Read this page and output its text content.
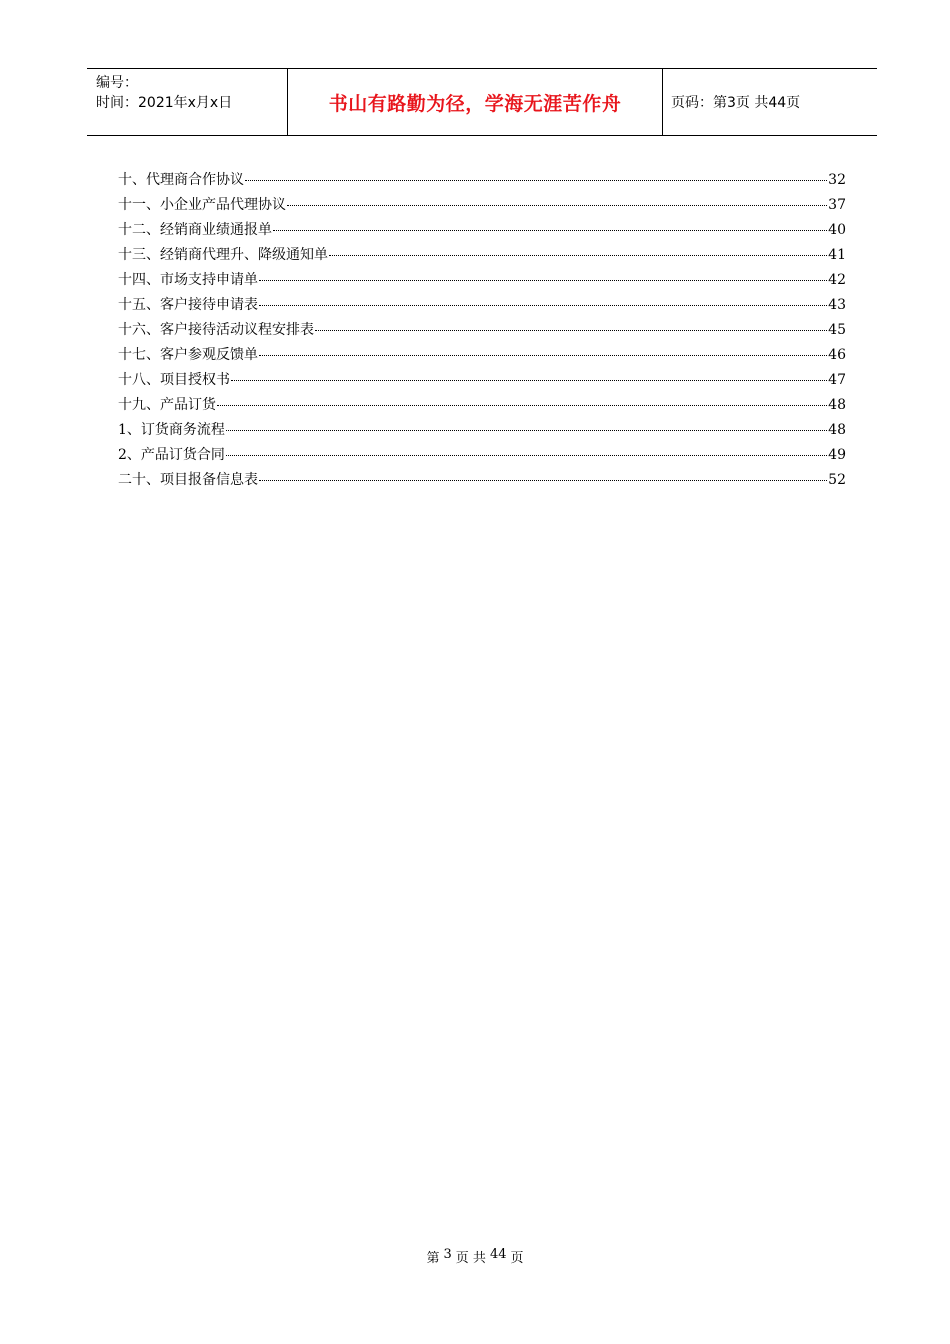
编号：
时间：2021年x月x日	书山有路勤为径，学海无涯苦作舟	页码：第3页 共44页
十、代理商合作协议	32
十一、小企业产品代理协议	37
十二、经销商业绩通报单	40
十三、经销商代理升、降级通知单	41
十四、市场支持申请单	42
十五、客户接待申请表	43
十六、客户接待活动议程安排表	45
十七、客户参观反馈单	46
十八、项目授权书	47
十九、产品订货	48
1、订货商务流程	48
2、产品订货合同	49
二十、项目报备信息表	52
第 3 页 共 44 页
